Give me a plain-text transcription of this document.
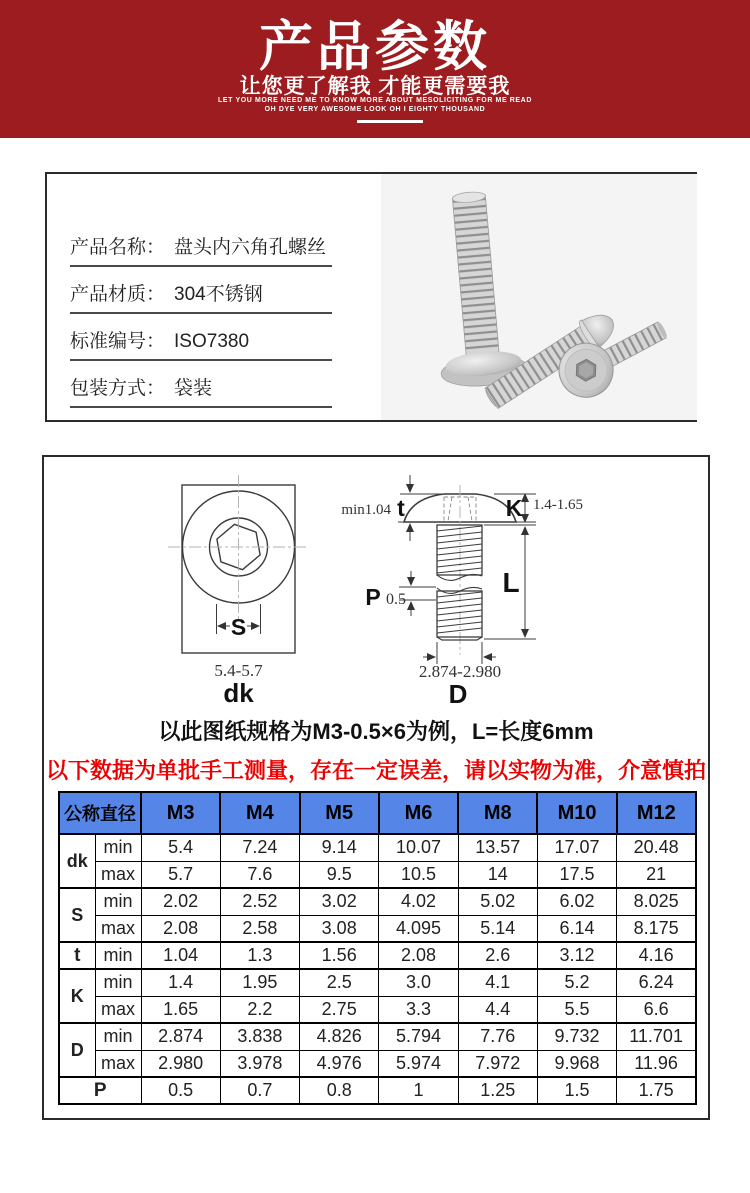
产品参数
让您更了解我 才能更需要我
LET YOU MORE NEED ME TO KNOW MORE ABOUT MESOLICITING FOR ME READ
OH DYE VERY AWESOME LOOK OH I EIGHTY THOUSAND
产品名称： 盘头内六角孔螺丝
产品材质： 304不锈钢
标准编号： ISO7380
包装方式： 袋装
S
5.4-5.7
dk
min1.04 t	K 1.4-1.65
L
P 0.5
2.874-2.980
D
以此图纸规格为M3-0.5×6为例，L=长度6mm
以下数据为单批手工测量，存在一定误差，请以实物为准，介意慎拍
公称直径		M3	M4	M5	M6	M8	M10	M12
dk	min	5.4	7.24	9.14	10.07	13.57	17.07	20.48
	max	5.7	7.6	9.5	10.5	14	17.5	21
S	min	2.02	2.52	3.02	4.02	5.02	6.02	8.025
	max	2.08	2.58	3.08	4.095	5.14	6.14	8.175
t	min	1.04	1.3	1.56	2.08	2.6	3.12	4.16
K	min	1.4	1.95	2.5	3.0	4.1	5.2	6.24
	max	1.65	2.2	2.75	3.3	4.4	5.5	6.6
D	min	2.874	3.838	4.826	5.794	7.76	9.732	11.701
	max	2.980	3.978	4.976	5.974	7.972	9.968	11.96
P		0.5	0.7	0.8	1	1.25	1.5	1.75
